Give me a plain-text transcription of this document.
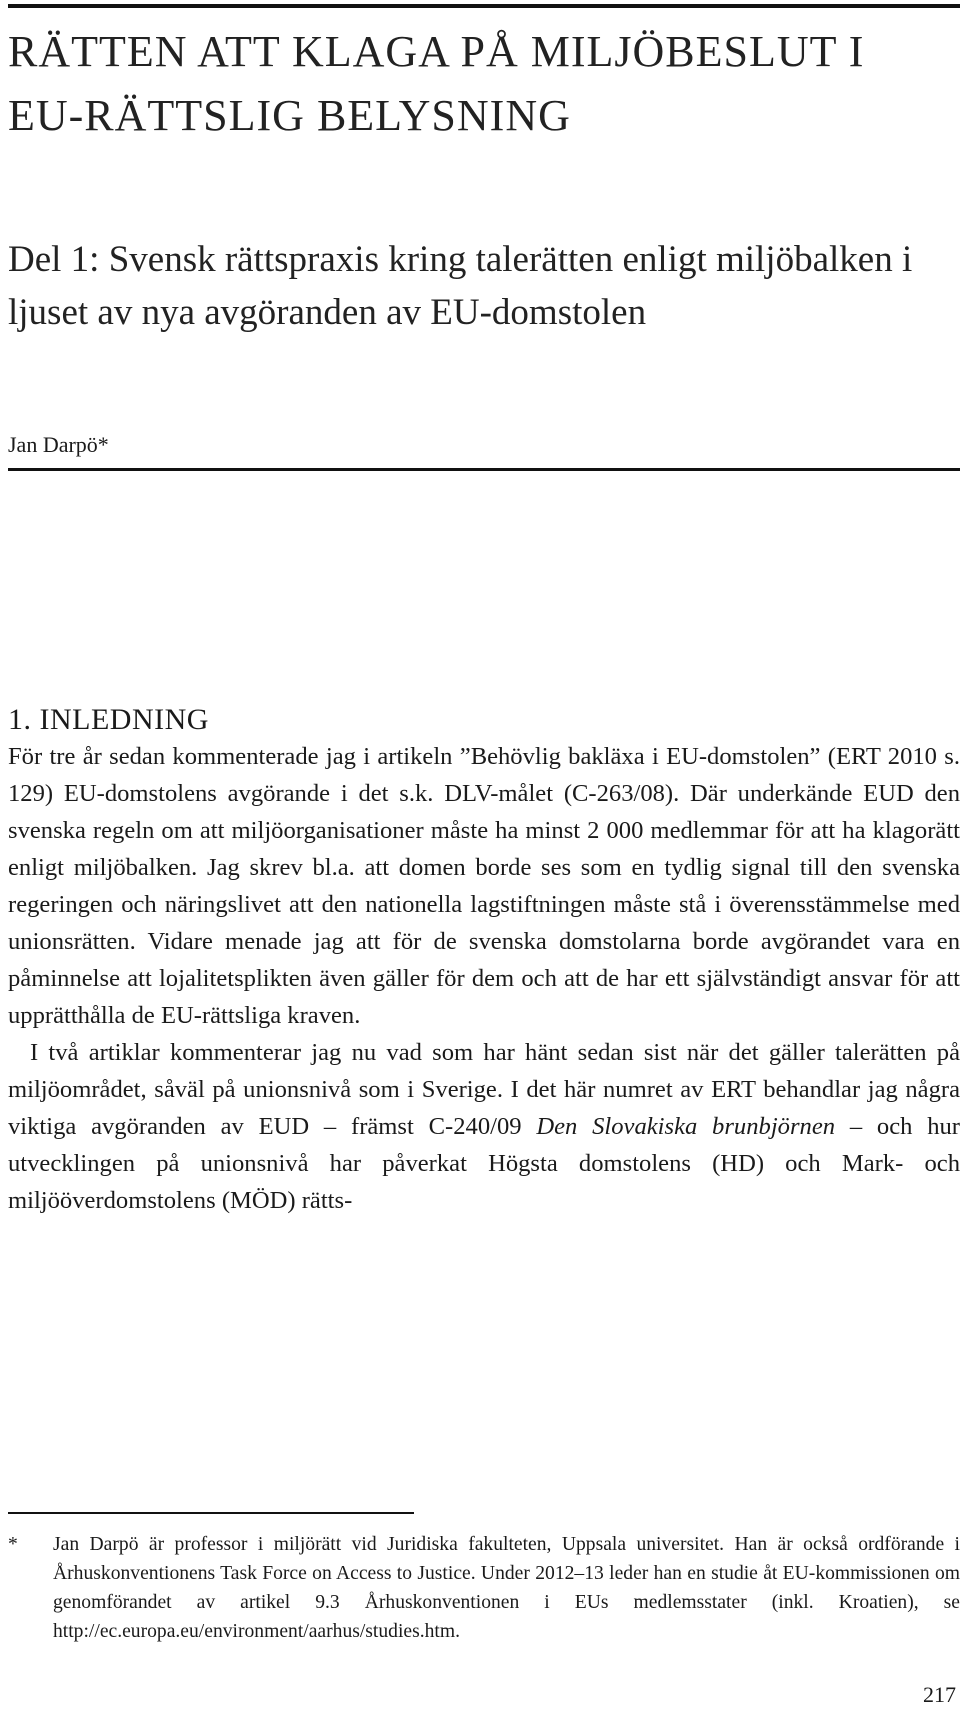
RÄTTEN ATT KLAGA PÅ MILJÖBESLUT I EU-RÄTTSLIG BELYSNING
Del 1: Svensk rättspraxis kring talerätten enligt miljöbalken i ljuset av nya avgöranden av EU-domstolen

Jan Darpö*

1. INLEDNING

För tre år sedan kommenterade jag i artikeln ”Behövlig bakläxa i EU-domstolen” (ERT 2010 s. 129) EU-domstolens avgörande i det s.k. DLV-målet (C-263/08). Där underkände EUD den svenska regeln om att miljöorganisationer måste ha minst 2 000 medlemmar för att ha klagorätt enligt miljöbalken. Jag skrev bl.a. att domen borde ses som en tydlig signal till den svenska regeringen och näringslivet att den nationella lagstiftningen måste stå i överensstämmelse med unionsrätten. Vidare menade jag att för de svenska domstolarna borde avgörandet vara en påminnelse att lojalitetsplikten även gäller för dem och att de har ett självständigt ansvar för att upprätthålla de EU-rättsliga kraven.

I två artiklar kommenterar jag nu vad som har hänt sedan sist när det gäller talerätten på miljöområdet, såväl på unionsnivå som i Sverige. I det här numret av ERT behandlar jag några viktiga avgöranden av EUD – främst C-240/09 Den Slovakiska brunbjörnen – och hur utvecklingen på unionsnivå har påverkat Högsta domstolens (HD) och Mark- och miljööverdomstolens (MÖD) rätts-

*	Jan Darpö är professor i miljörätt vid Juridiska fakulteten, Uppsala universitet. Han är också ordförande i Århuskonventionens Task Force on Access to Justice. Under 2012–13 leder han en studie åt EU-kommissionen om genomförandet av artikel 9.3 Århuskonventionen i EUs medlemsstater (inkl. Kroatien), se http://ec.europa.eu/environment/aarhus/studies.htm.

217
